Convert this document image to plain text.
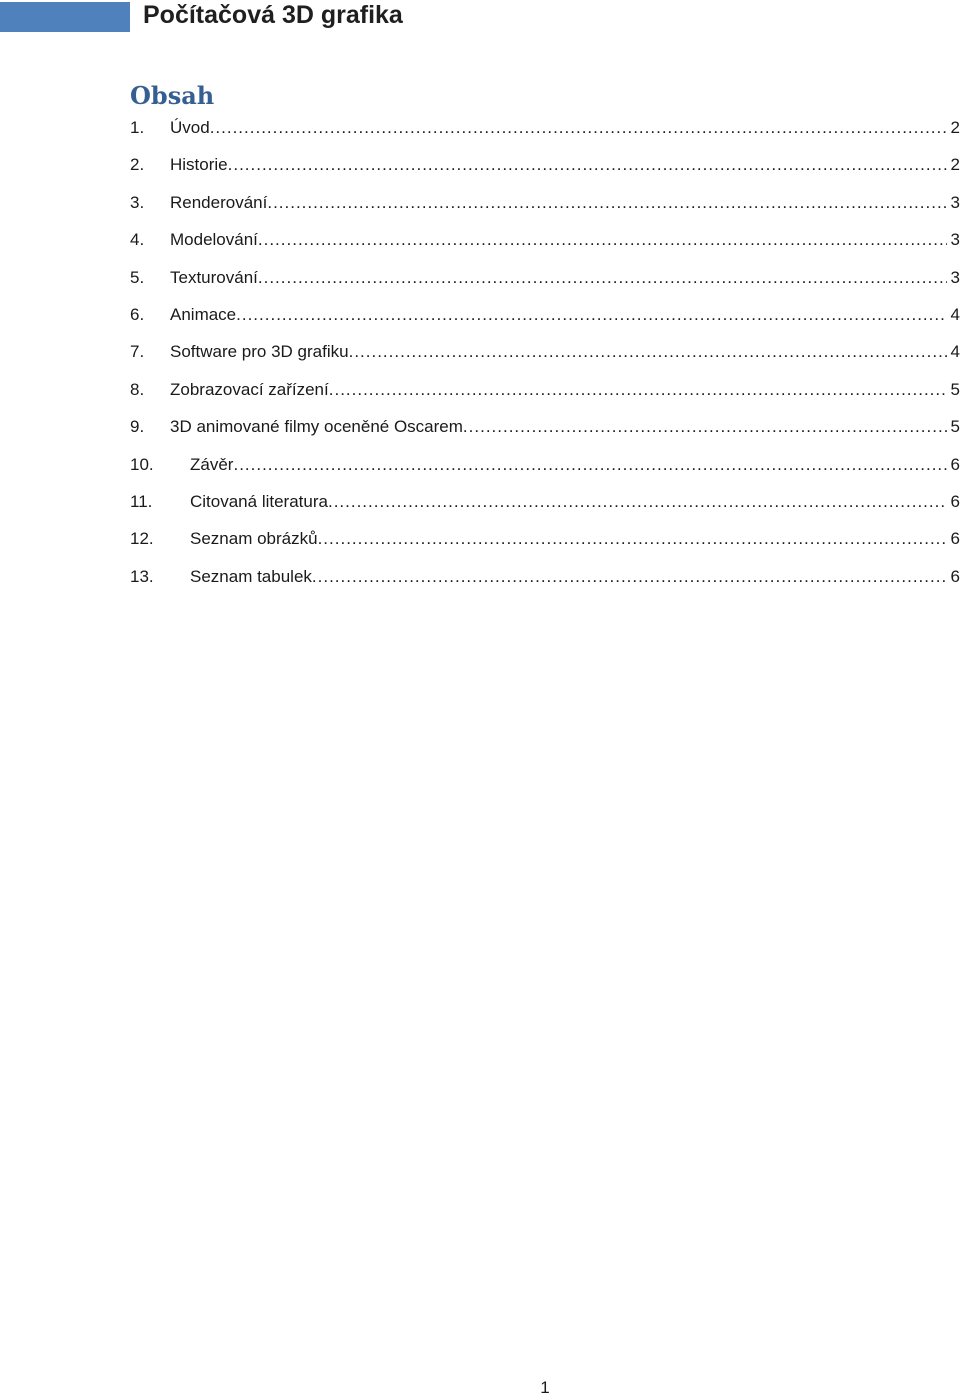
Počítačová 3D grafika
Obsah
1.	Úvod .....	2
2.	Historie .....	2
3.	Renderování .....	3
4.	Modelování .....	3
5.	Texturování .....	3
6.	Animace .....	4
7.	Software pro 3D grafiku .....	4
8.	Zobrazovací zařízení .....	5
9.	3D animované filmy oceněné Oscarem .....	5
10.	Závěr .....	6
11.	Citovaná literatura .....	6
12.	Seznam obrázků .....	6
13.	Seznam tabulek .....	6
1
